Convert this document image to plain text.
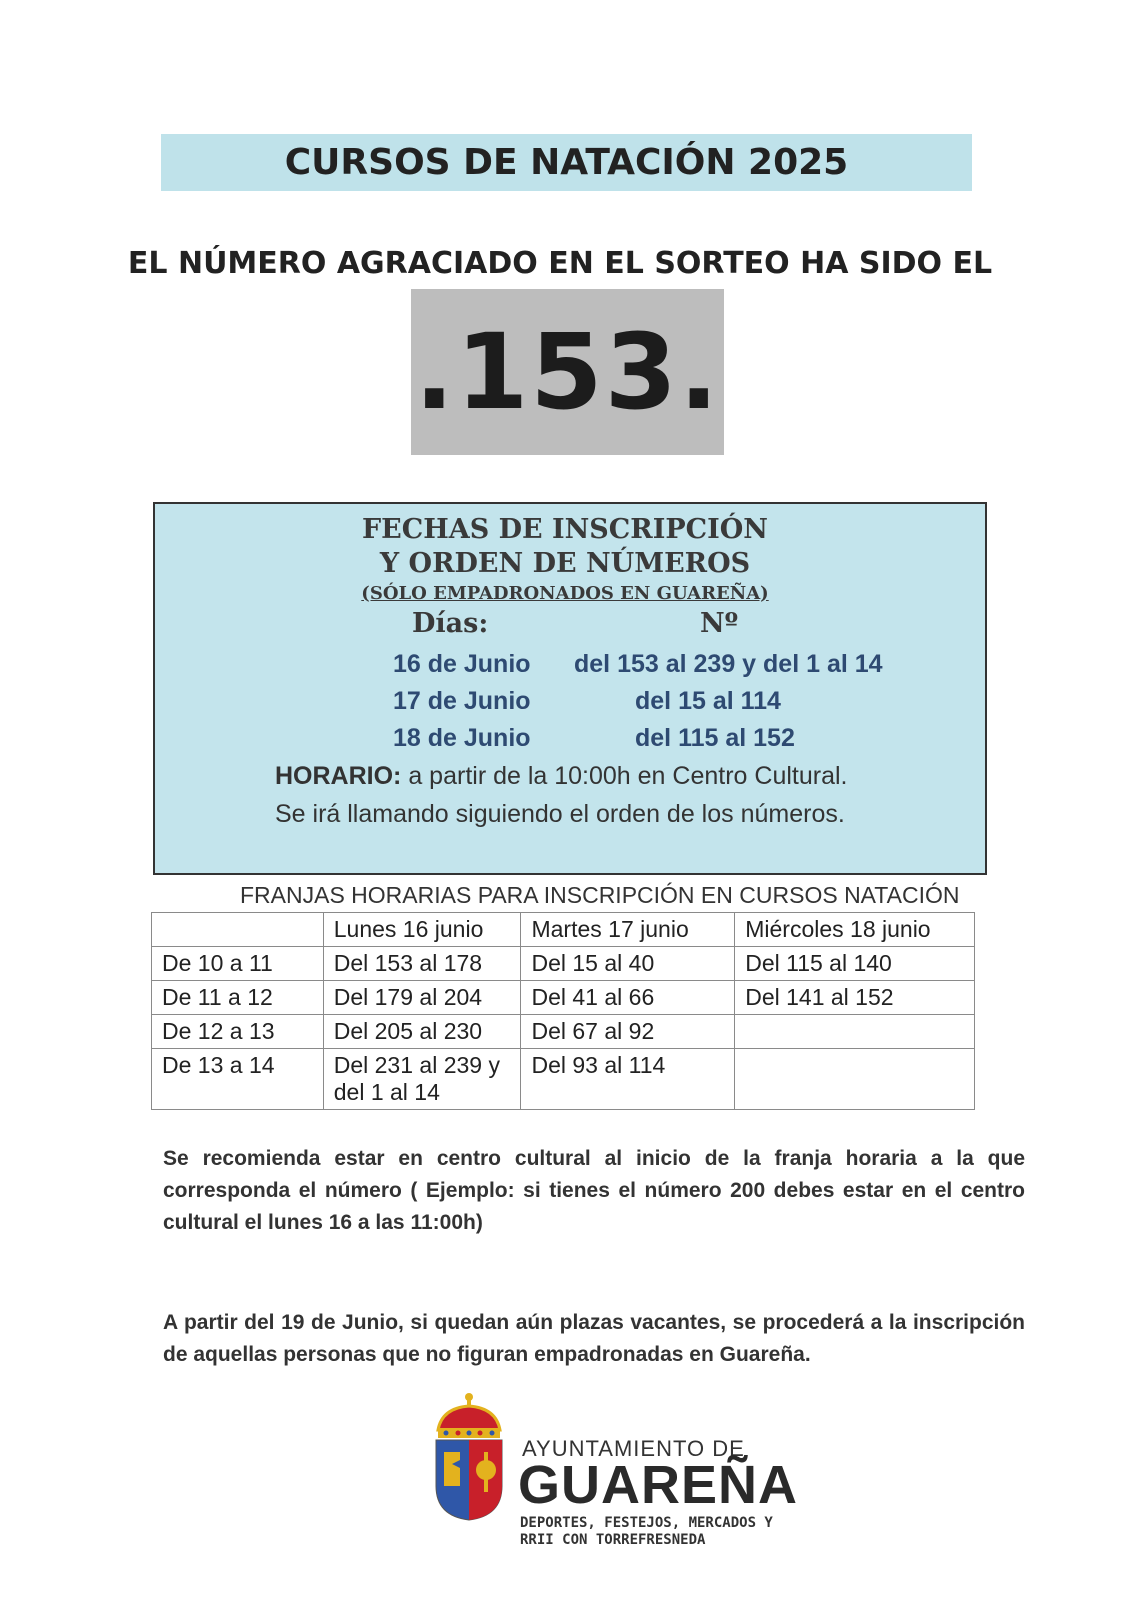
CURSOS DE NATACIÓN 2025
EL NÚMERO AGRACIADO EN EL SORTEO HA SIDO EL
.153.
FECHAS DE INSCRIPCIÓN
Y ORDEN DE NÚMEROS
(SÓLO EMPADRONADOS EN GUAREÑA)
Días:	Nº
16 de Junio del 153 al 239 y del 1 al 14
17 de Junio	del 15 al 114
18 de Junio	del 115 al 152
HORARIO: a partir de la 10:00h en Centro Cultural.
Se irá llamando siguiendo el orden de los números.
FRANJAS HORARIAS PARA INSCRIPCIÓN EN CURSOS NATACIÓN
	Lunes 16 junio	Martes 17 junio	Miércoles 18 junio
De 10 a 11	Del 153 al 178	Del 15 al 40	Del 115 al 140
De 11 a 12	Del 179 al 204	Del 41 al 66	Del 141 al 152
De 12 a 13	Del 205 al 230	Del 67 al 92	
De 13 a 14	Del 231 al 239 y del 1 al 14	Del 93 al 114	
Se recomienda estar en centro cultural al inicio de la franja horaria a la que corresponda el número ( Ejemplo: si tienes el número 200 debes estar en el centro cultural el lunes 16 a las 11:00h)
A partir del 19 de Junio, si quedan aún plazas vacantes, se procederá a la inscripción de aquellas personas que no figuran empadronadas en Guareña.
AYUNTAMIENTO DE
GUAREÑA
DEPORTES, FESTEJOS, MERCADOS Y
RRII CON TORREFRESNEDA
